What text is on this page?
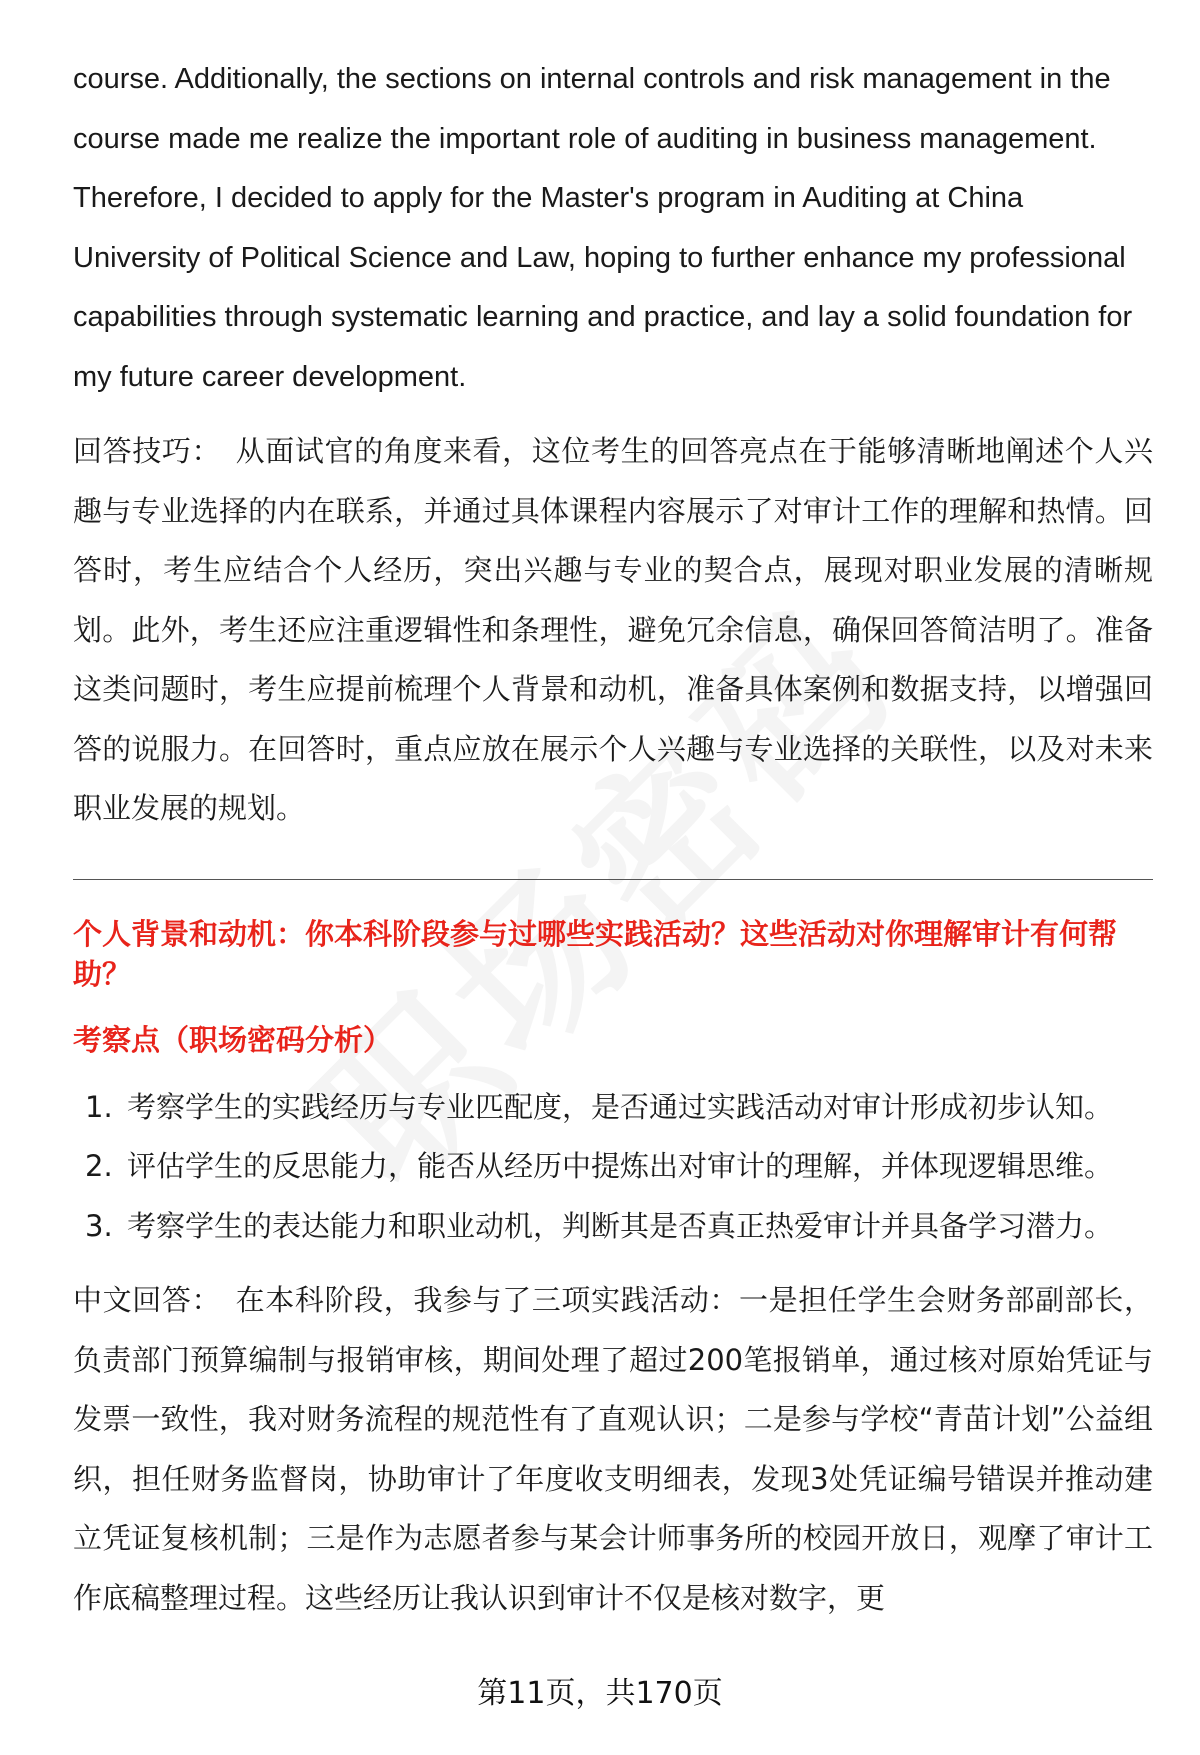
course. Additionally, the sections on internal controls and risk management in the course made me realize the important role of auditing in business management. Therefore, I decided to apply for the Master's program in Auditing at China University of Political Science and Law, hoping to further enhance my professional capabilities through systematic learning and practice, and lay a solid foundation for my future career development.

回答技巧： 从面试官的角度来看，这位考生的回答亮点在于能够清晰地阐述个人兴趣与专业选择的内在联系，并通过具体课程内容展示了对审计工作的理解和热情。回答时，考生应结合个人经历，突出兴趣与专业的契合点，展现对职业发展的清晰规划。此外，考生还应注重逻辑性和条理性，避免冗余信息，确保回答简洁明了。准备这类问题时，考生应提前梳理个人背景和动机，准备具体案例和数据支持，以增强回答的说服力。在回答时，重点应放在展示个人兴趣与专业选择的关联性，以及对未来职业发展的规划。

个人背景和动机：你本科阶段参与过哪些实践活动？这些活动对你理解审计有何帮助？

考察点（职场密码分析）

1. 考察学生的实践经历与专业匹配度，是否通过实践活动对审计形成初步认知。
2. 评估学生的反思能力，能否从经历中提炼出对审计的理解，并体现逻辑思维。
3. 考察学生的表达能力和职业动机，判断其是否真正热爱审计并具备学习潜力。

中文回答： 在本科阶段，我参与了三项实践活动：一是担任学生会财务部副部长，负责部门预算编制与报销审核，期间处理了超过200笔报销单，通过核对原始凭证与发票一致性，我对财务流程的规范性有了直观认识；二是参与学校“青苗计划”公益组织，担任财务监督岗，协助审计了年度收支明细表，发现3处凭证编号错误并推动建立凭证复核机制；三是作为志愿者参与某会计师事务所的校园开放日，观摩了审计工作底稿整理过程。这些经历让我认识到审计不仅是核对数字，更

第11页，共170页
